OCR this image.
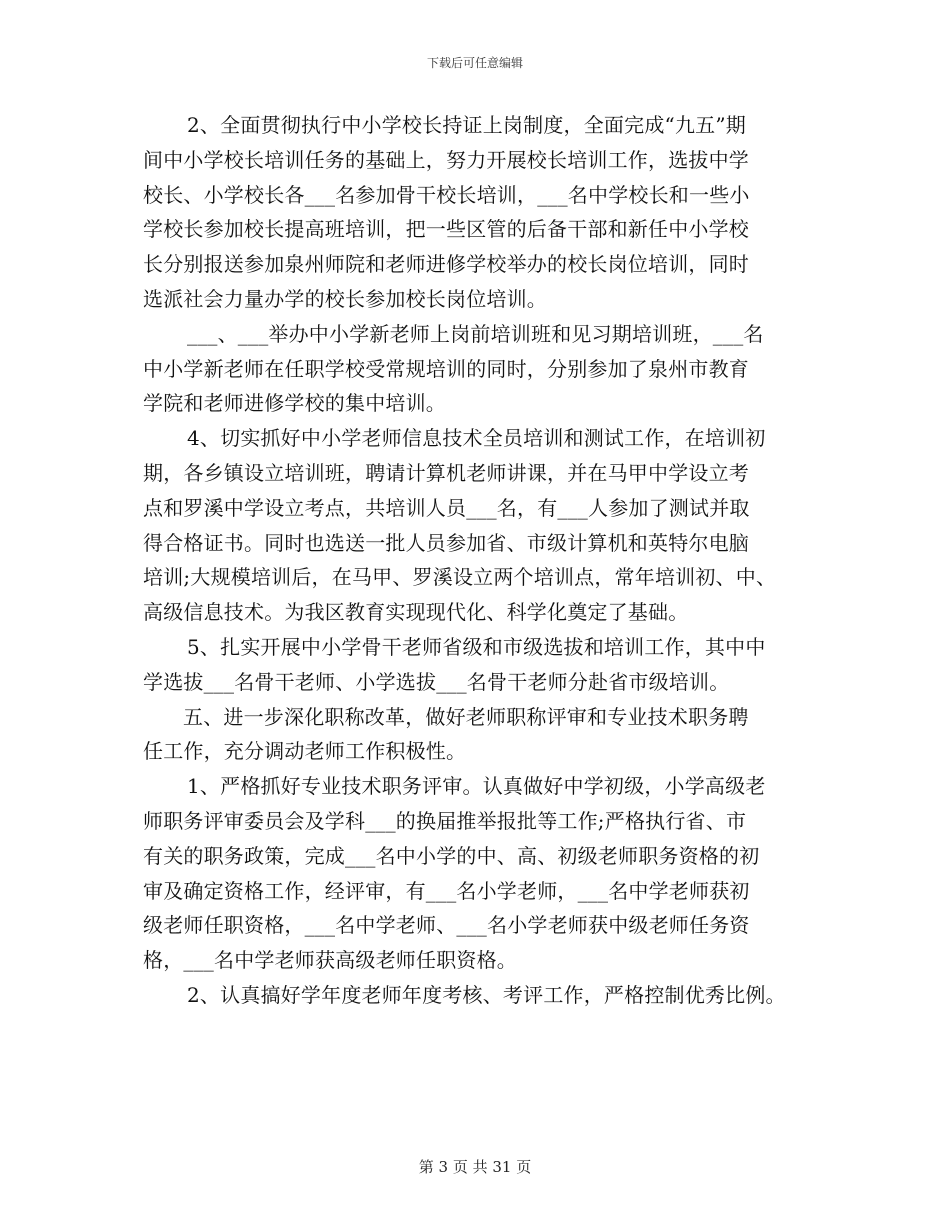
下载后可任意编辑
2、全面贯彻执行中小学校长持证上岗制度，全面完成“九五”期
间中小学校长培训任务的基础上，努力开展校长培训工作，选拔中学
校长、小学校长各___名参加骨干校长培训，___名中学校长和一些小
学校长参加校长提高班培训，把一些区管的后备干部和新任中小学校
长分别报送参加泉州师院和老师进修学校举办的校长岗位培训，同时
选派社会力量办学的校长参加校长岗位培训。
___、___举办中小学新老师上岗前培训班和见习期培训班，___名
中小学新老师在任职学校受常规培训的同时，分别参加了泉州市教育
学院和老师进修学校的集中培训。
4、切实抓好中小学老师信息技术全员培训和测试工作，在培训初
期，各乡镇设立培训班，聘请计算机老师讲课，并在马甲中学设立考
点和罗溪中学设立考点，共培训人员___名，有___人参加了测试并取
得合格证书。同时也选送一批人员参加省、市级计算机和英特尔电脑
培训;大规模培训后，在马甲、罗溪设立两个培训点，常年培训初、中、
高级信息技术。为我区教育实现现代化、科学化奠定了基础。
5、扎实开展中小学骨干老师省级和市级选拔和培训工作，其中中
学选拔___名骨干老师、小学选拔___名骨干老师分赴省市级培训。
五、进一步深化职称改革，做好老师职称评审和专业技术职务聘
任工作，充分调动老师工作积极性。
1、严格抓好专业技术职务评审。认真做好中学初级，小学高级老
师职务评审委员会及学科___的换届推举报批等工作;严格执行省、市
有关的职务政策，完成___名中小学的中、高、初级老师职务资格的初
审及确定资格工作，经评审，有___名小学老师，___名中学老师获初
级老师任职资格，___名中学老师、___名小学老师获中级老师任务资
格，___名中学老师获高级老师任职资格。
2、认真搞好学年度老师年度考核、考评工作，严格控制优秀比例。
第 3 页 共 31 页
